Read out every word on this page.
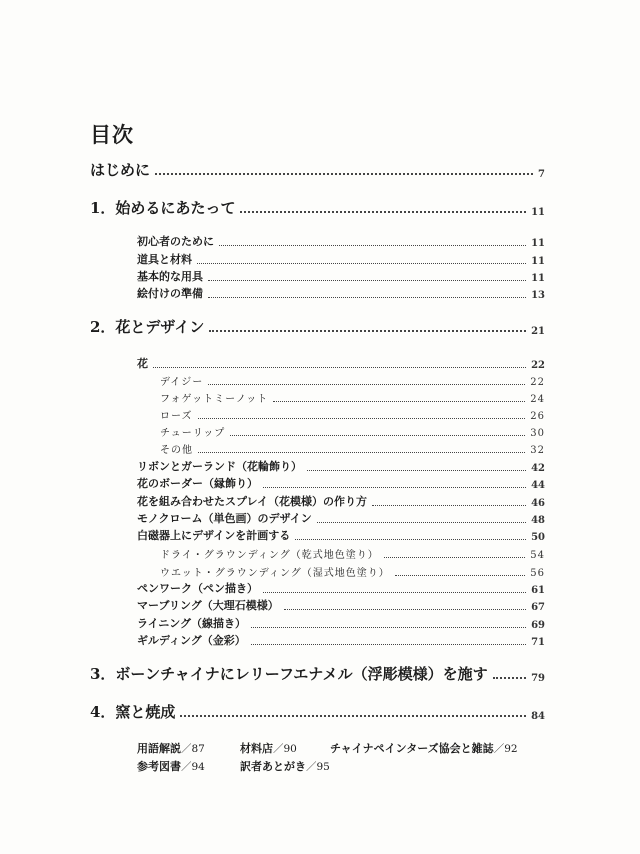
目次
はじめに	7
1．始めるにあたって	11
初心者のために	11
道具と材料	11
基本的な用具	11
絵付けの準備	13
2．花とデザイン	21
花	22
デイジー	22
フォゲットミーノット	24
ローズ	26
チューリップ	30
その他	32
リボンとガーランド（花輪飾り）	42
花のボーダー（縁飾り）	44
花を組み合わせたスプレイ（花模様）の作り方	46
モノクローム（単色画）のデザイン	48
白磁器上にデザインを計画する	50
ドライ・グラウンディング（乾式地色塗り）	54
ウエット・グラウンディング（湿式地色塗り）	56
ペンワーク（ペン描き）	61
マーブリング（大理石模様）	67
ライニング（線描き）	69
ギルディング（金彩）	71
3．ボーンチャイナにレリーフエナメル（浮彫模様）を施す	79
4．窯と焼成	84
用語解説／87	材料店／90	チャイナペインターズ協会と雑誌／92
参考図書／94	訳者あとがき／95
